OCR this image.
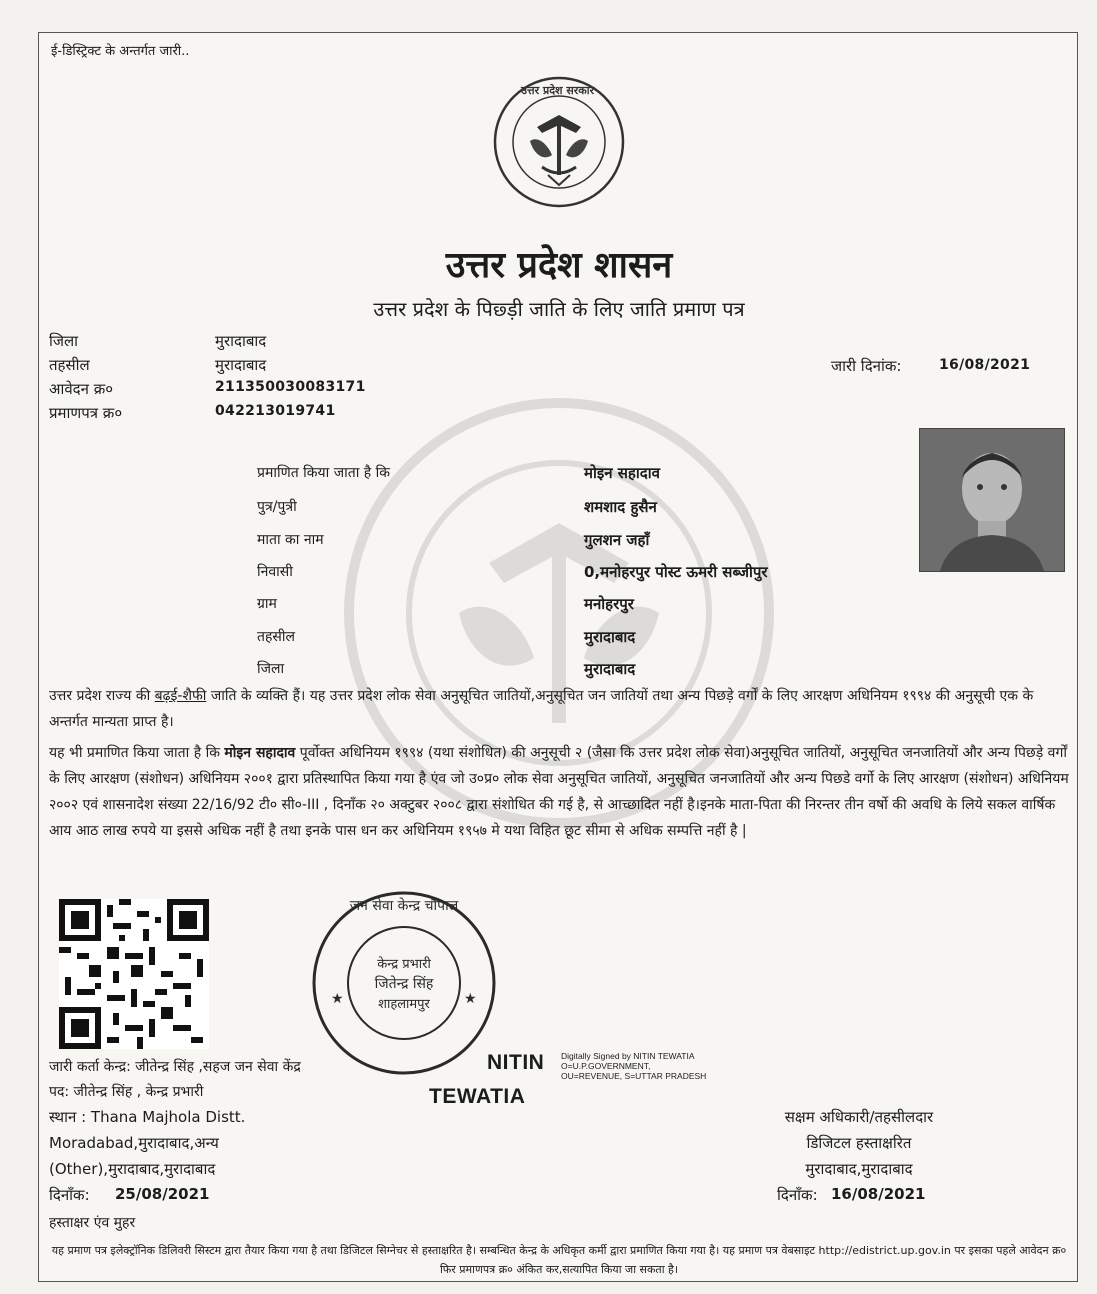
ई-डिस्ट्रिक्ट के अन्तर्गत जारी..
उत्तर प्रदेश सरकार
उत्तर प्रदेश शासन
उत्तर प्रदेश के पिछ्ड़ी जाति के लिए जाति प्रमाण पत्र
जिला	मुरादाबाद
तहसील	मुरादाबाद
आवेदन क्र०	211350030083171
प्रमाणपत्र क्र०	042213019741
जारी दिनांक:	16/08/2021
प्रमाणित किया जाता है कि	मोइन सहादाव
पुत्र/पुत्री	शमशाद हुसैन
माता का नाम	गुलशन जहाँ
निवासी	0,मनोहरपुर पोस्ट ऊमरी सब्जीपुर
ग्राम	मनोहरपुर
तहसील	मुरादाबाद
जिला	मुरादाबाद
उत्तर प्रदेश राज्य की बढ़ई-शैफी जाति के व्यक्ति हैं। यह उत्तर प्रदेश लोक सेवा अनुसूचित जातियों,अनुसूचित जन जातियों तथा अन्य पिछड़े वर्गों के लिए आरक्षण अधिनियम १९९४ की अनुसूची एक के अन्तर्गत मान्यता प्राप्त है।
यह भी प्रमाणित किया जाता है कि मोइन सहादाव पूर्वोक्त अधिनियम १९९४ (यथा संशोधित) की अनुसूची २ (जैसा कि उत्तर प्रदेश लोक सेवा)अनुसूचित जातियों, अनुसूचित जनजातियों और अन्य पिछड़े वर्गों के लिए आरक्षण (संशोधन) अधिनियम २००१ द्वारा प्रतिस्थापित किया गया है एंव जो उ०प्र० लोक सेवा अनुसूचित जातियों, अनुसूचित जनजातियों और अन्य पिछडे वर्गो के लिए आरक्षण (संशोधन) अधिनियम २००२ एवं शासनादेश संख्या 22/16/92 टी० सी०-III , दिनाँक २० अक्टुबर २००८ द्वारा संशोधित की गई है, से आच्छादित नहीं है।इनके माता-पिता की निरन्तर तीन वर्षो की अवधि के लिये सकल वार्षिक आय आठ लाख रुपये या इससे अधिक नहीं है तथा इनके पास धन कर अधिनियम १९५७ मे यथा विहित छूट सीमा से अधिक सम्पत्ति नहीं है |
जन सेवा केन्द्र चौपाल
केन्द्र प्रभारी
जितेन्द्र सिंह
शाहलामपुर
★	★
जारी कर्ता केन्द्र: जीतेन्द्र सिंह ,सहज जन सेवा केंद्र
पद: जीतेन्द्र सिंह , केन्द्र प्रभारी
स्थान : Thana Majhola Distt.
Moradabad,मुरादाबाद,अन्य
(Other),मुरादाबाद,मुरादाबाद
दिनाँक: 25/08/2021
हस्ताक्षर एंव मुहर
NITIN
TEWATIA
Digitally Signed by NITIN TEWATIA O=U.P.GOVERNMENT, OU=REVENUE, S=UTTAR PRADESH
सक्षम अधिकारी/तहसीलदार
डिजिटल हस्ताक्षरित
मुरादाबाद,मुरादाबाद
दिनाँक: 16/08/2021
यह प्रमाण पत्र इलेक्ट्रॉनिक डिलिवरी सिस्टम द्वारा तैयार किया गया है तथा डिजिटल सिग्नेचर से हस्ताक्षरित है। सम्बन्धित केन्द्र के अधिकृत कर्मी द्वारा प्रमाणित किया गया है। यह प्रमाण पत्र वेबसाइट http://edistrict.up.gov.in पर इसका पहले आवेदन क्र० फिर प्रमाणपत्र क्र० अंकित कर,सत्यापित किया जा सकता है।
